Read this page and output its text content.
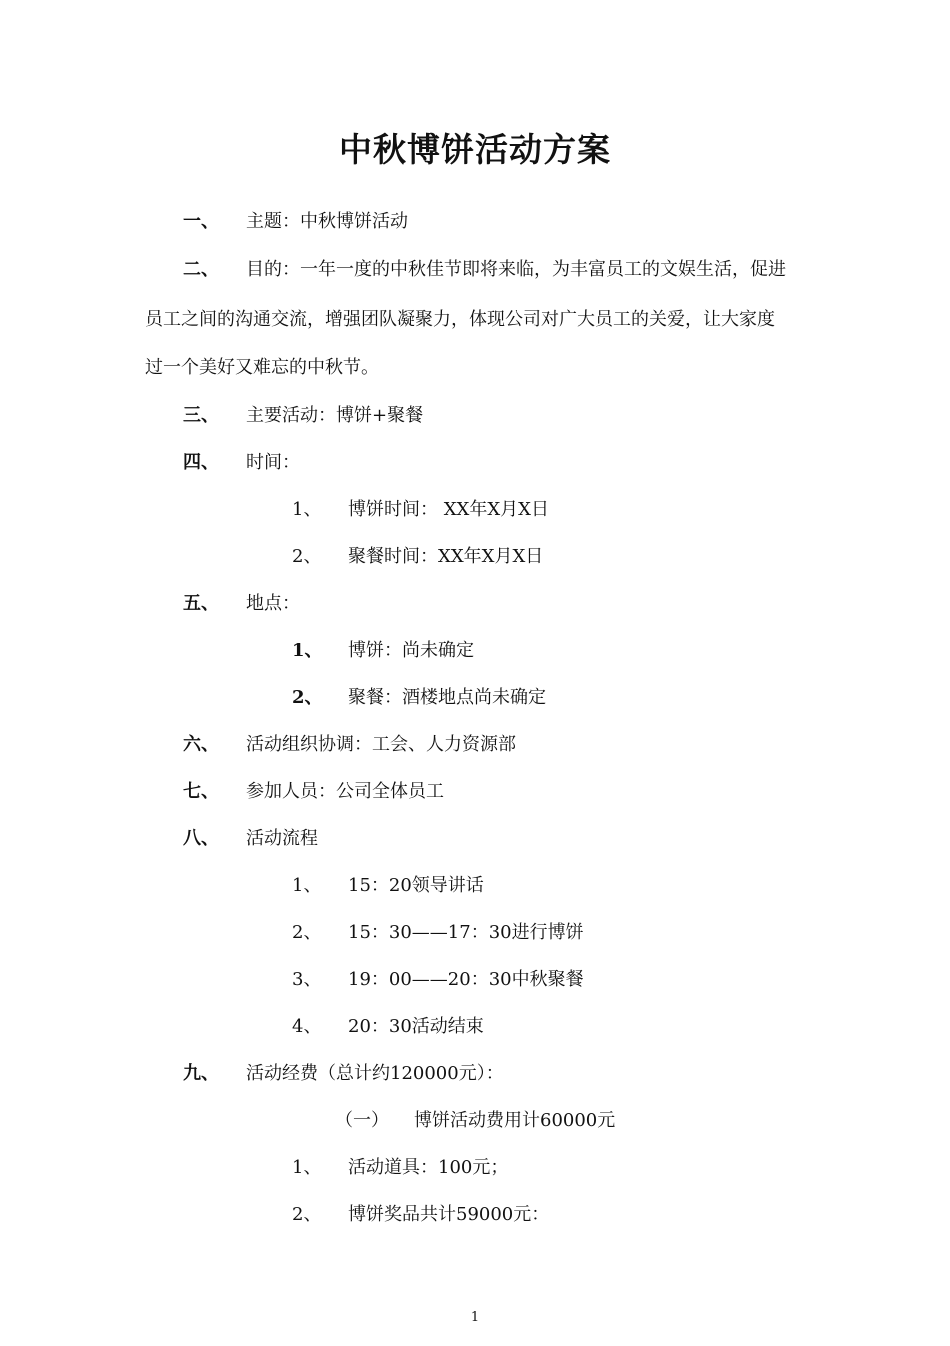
中秋博饼活动方案
一、 主题：中秋博饼活动
二、 目的：一年一度的中秋佳节即将来临，为丰富员工的文娱生活，促进
员工之间的沟通交流，增强团队凝聚力，体现公司对广大员工的关爱，让大家度
过一个美好又难忘的中秋节。
三、 主要活动：博饼+聚餐
四、 时间：
1、 博饼时间： XX年X月X日
2、 聚餐时间：XX年X月X日
五、 地点：
1、 博饼：尚未确定
2、 聚餐：酒楼地点尚未确定
六、 活动组织协调：工会、人力资源部
七、 参加人员：公司全体员工
八、 活动流程
1、 15：20领导讲话
2、 15：30——17：30进行博饼
3、 19：00——20：30中秋聚餐
4、 20：30活动结束
九、 活动经费（总计约120000元）：
（一） 博饼活动费用计60000元
1、 活动道具：100元；
2、 博饼奖品共计59000元：
1
